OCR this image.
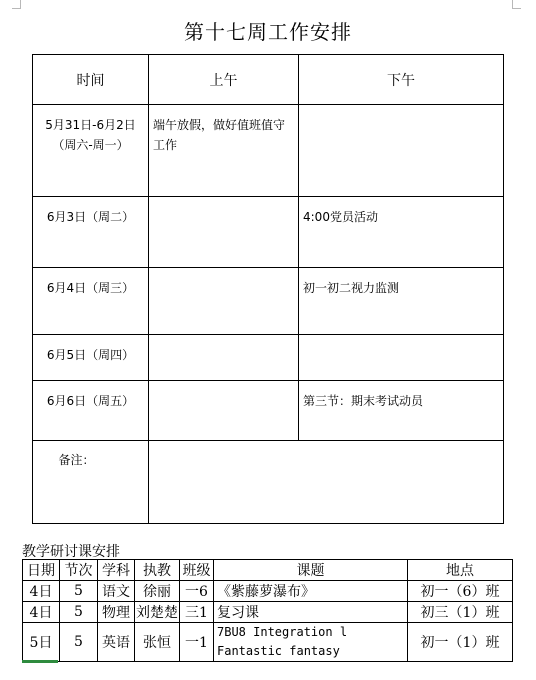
第十七周工作安排
时间	上午	下午

5月31日-6月2日
（周六-周一）	端午放假，做好值班值守工作	

6月3日（周二）		4:00党员活动

6月4日（周三）		初一初二视力监测

6月5日（周四）	

6月6日（周五）		第三节：期末考试动员

备注：		
教学研讨课安排
日期	节次	学科	执教	班级	课题	地点
4日	5	语文	徐丽	一6	《紫藤萝瀑布》	初一（6）班
4日	5	物理	刘楚楚	三1	复习课	初三（1）班
5日	5	英语	张恒	一1	7BU8 Integration l
Fantastic fantasy	初一（1）班
